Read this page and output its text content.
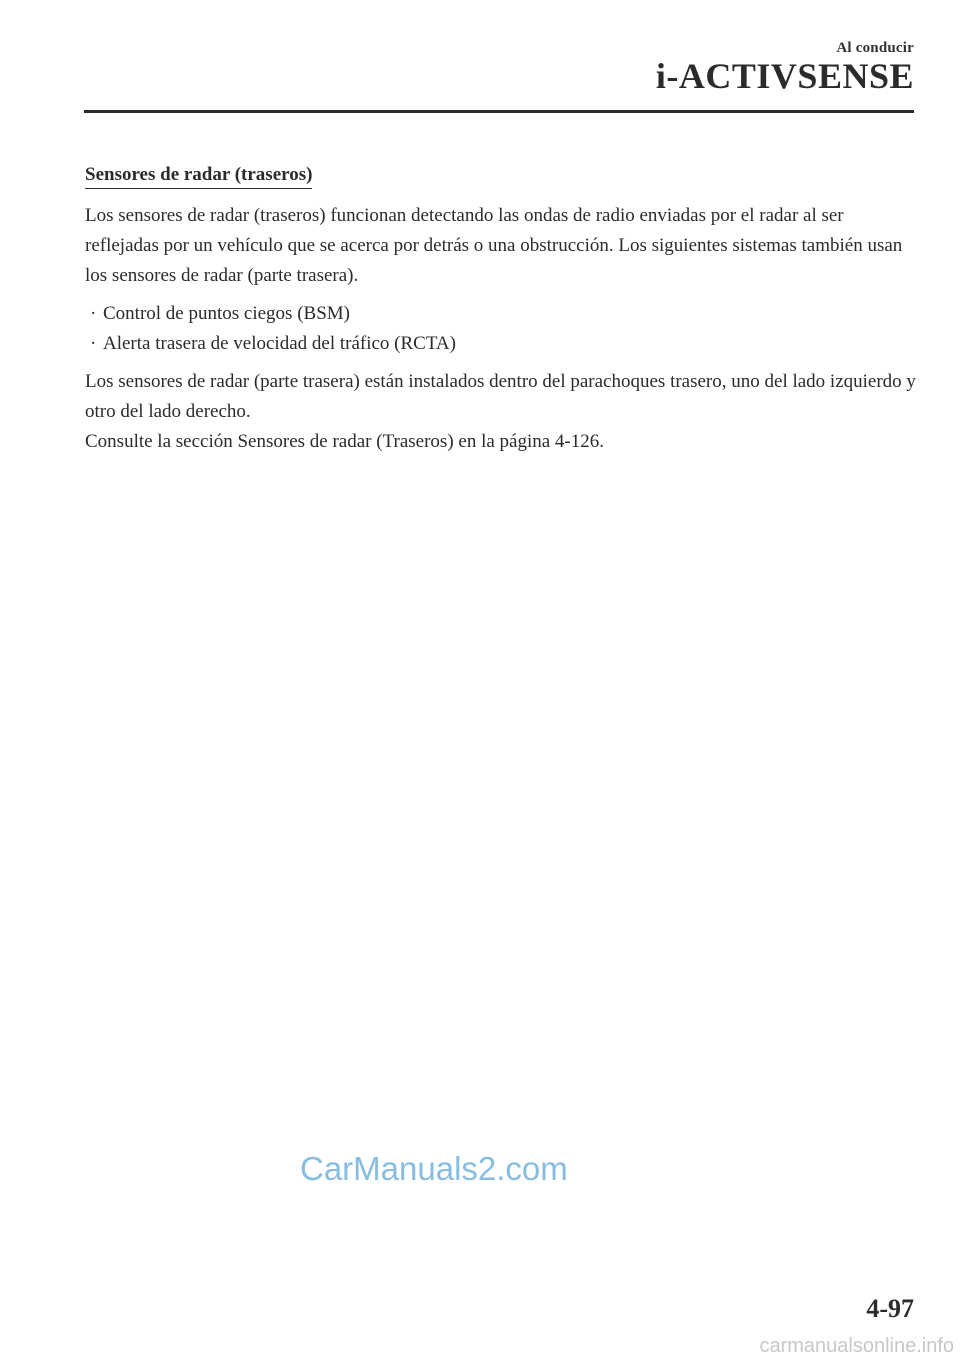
Al conducir
i-ACTIVSENSE
Sensores de radar (traseros)

Los sensores de radar (traseros) funcionan detectando las ondas de radio enviadas por el radar al ser reflejadas por un vehículo que se acerca por detrás o una obstrucción. Los siguientes sistemas también usan los sensores de radar (parte trasera).

· Control de puntos ciegos (BSM)
· Alerta trasera de velocidad del tráfico (RCTA)

Los sensores de radar (parte trasera) están instalados dentro del parachoques trasero, uno del lado izquierdo y otro del lado derecho.

Consulte la sección Sensores de radar (Traseros) en la página 4-126.

CarManuals2.com
4-97
carmanualsonline.info
